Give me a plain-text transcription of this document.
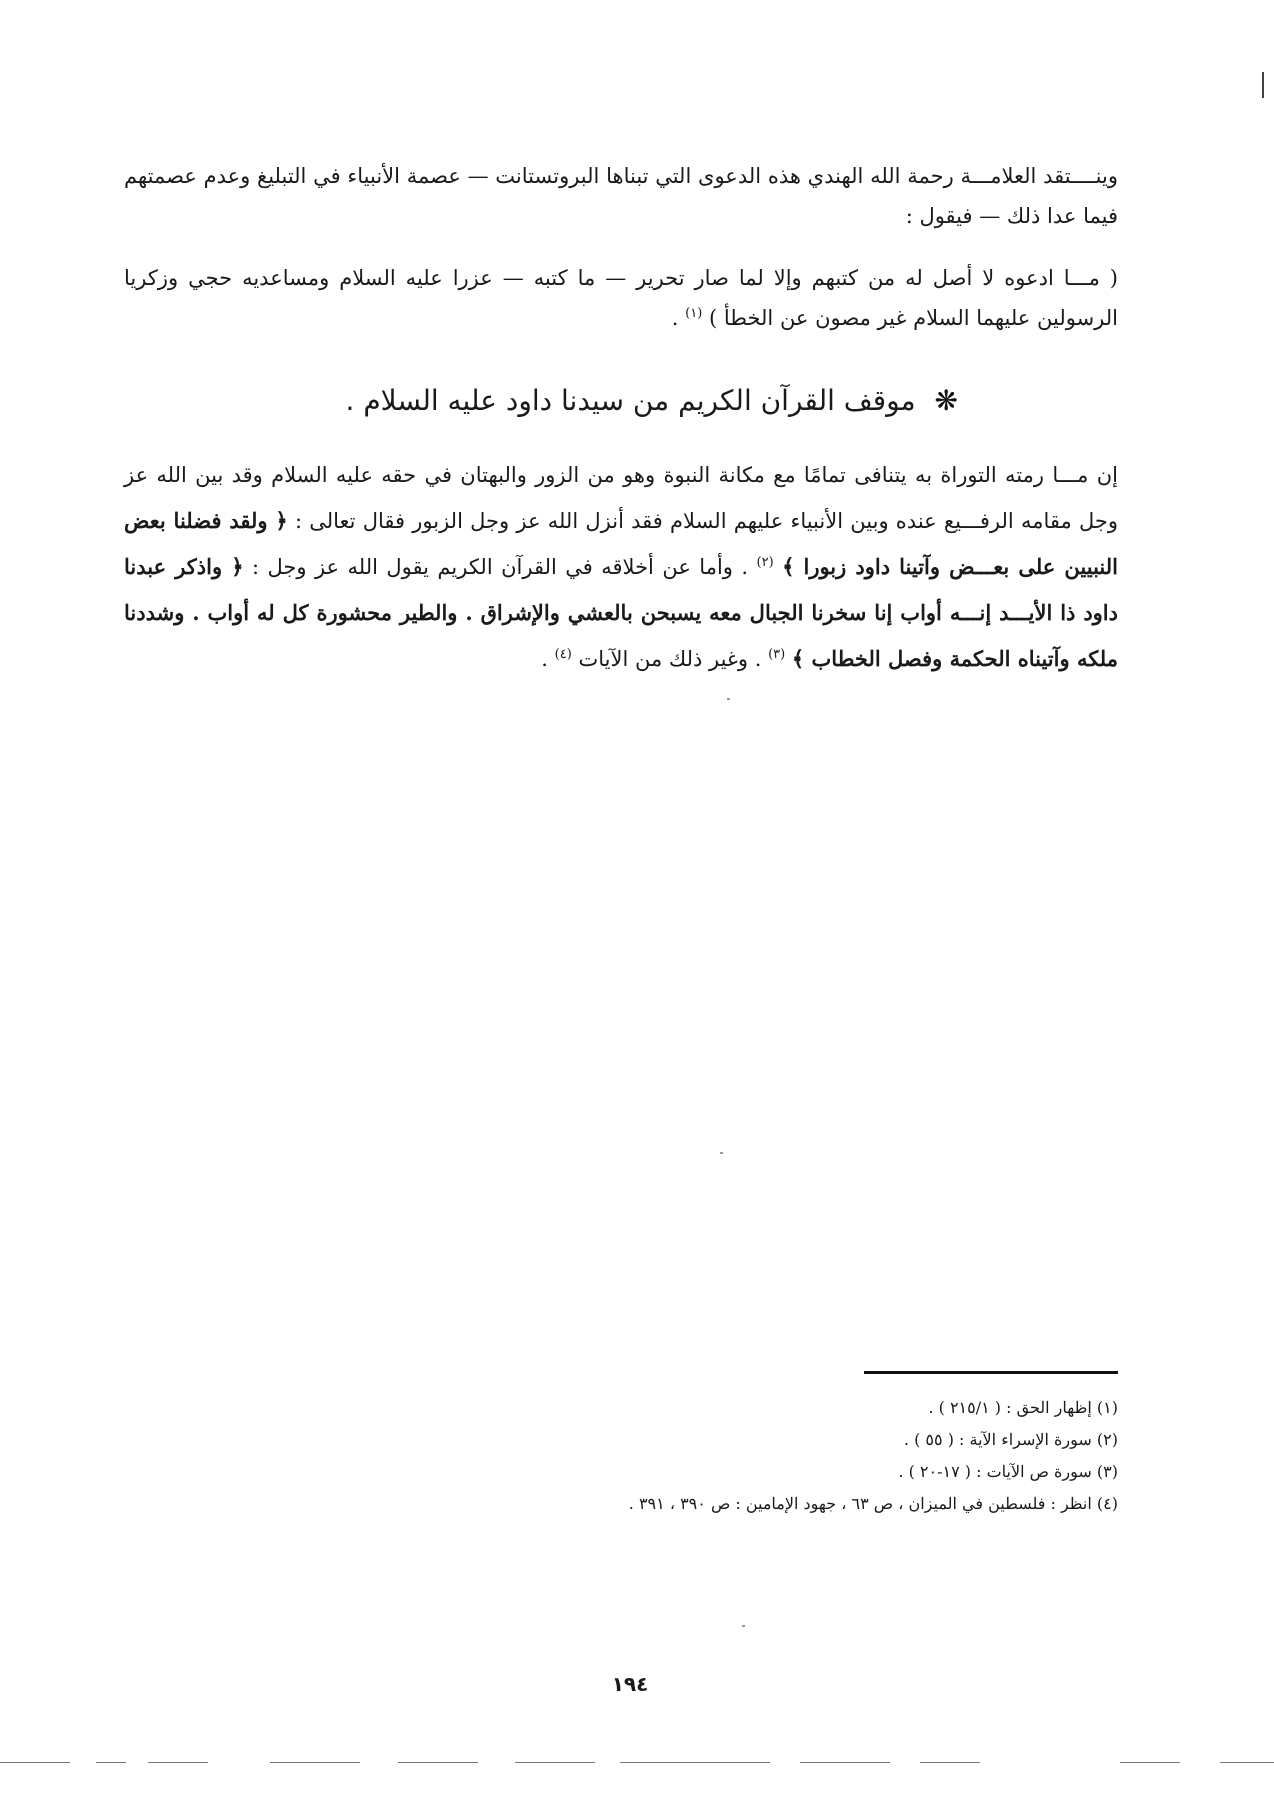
وينــــتقد العلامـــة رحمة الله الهندي هذه الدعوى التي تبناها البروتستانت — عصمة الأنبياء في التبليغ وعدم عصمتهم فيما عدا ذلك — فيقول :

( مـــا ادعوه لا أصل له من كتبهم وإلا لما صار تحرير — ما كتبه — عزرا عليه السلام ومساعديه حجي وزكريا الرسولين عليهما السلام غير مصون عن الخطأ ) $^{(١)}$ .

❋ موقف القرآن الكريم من سيدنا داود عليه السلام .

إن مـــا رمته التوراة به يتنافى تمامًا مع مكانة النبوة وهو من الزور والبهتان في حقه عليه السلام وقد بين الله عز وجل مقامه الرفـــيع عنده وبين الأنبياء عليهم السلام فقد أنزل الله عز وجل الزبور فقال تعالى : ﴿ ولقد فضلنا بعض النبيين على بعـــض وآتينا داود زبورا ﴾ $^{(٢)}$ . وأما عن أخلاقه في القرآن الكريم يقول الله عز وجل : ﴿ واذكر عبدنا داود ذا الأيـــد إنـــه أواب إنا سخرنا الجبال معه يسبحن بالعشي والإشراق . والطير محشورة كل له أواب . وشددنا ملكه وآتيناه الحكمة وفصل الخطاب ﴾ $^{(٣)}$ . وغير ذلك من الآيات $^{(٤)}$ .

(١) إظهار الحق : ( ٢١٥/١ ) .

(٢) سورة الإسراء الآية : ( ٥٥ ) .

(٣) سورة ص الآيات : ( ١٧-٢٠ ) .

(٤) انظر : فلسطين في الميزان ، ص ٦٣ ، جهود الإمامين : ص ٣٩٠ ، ٣٩١ .

١٩٤
